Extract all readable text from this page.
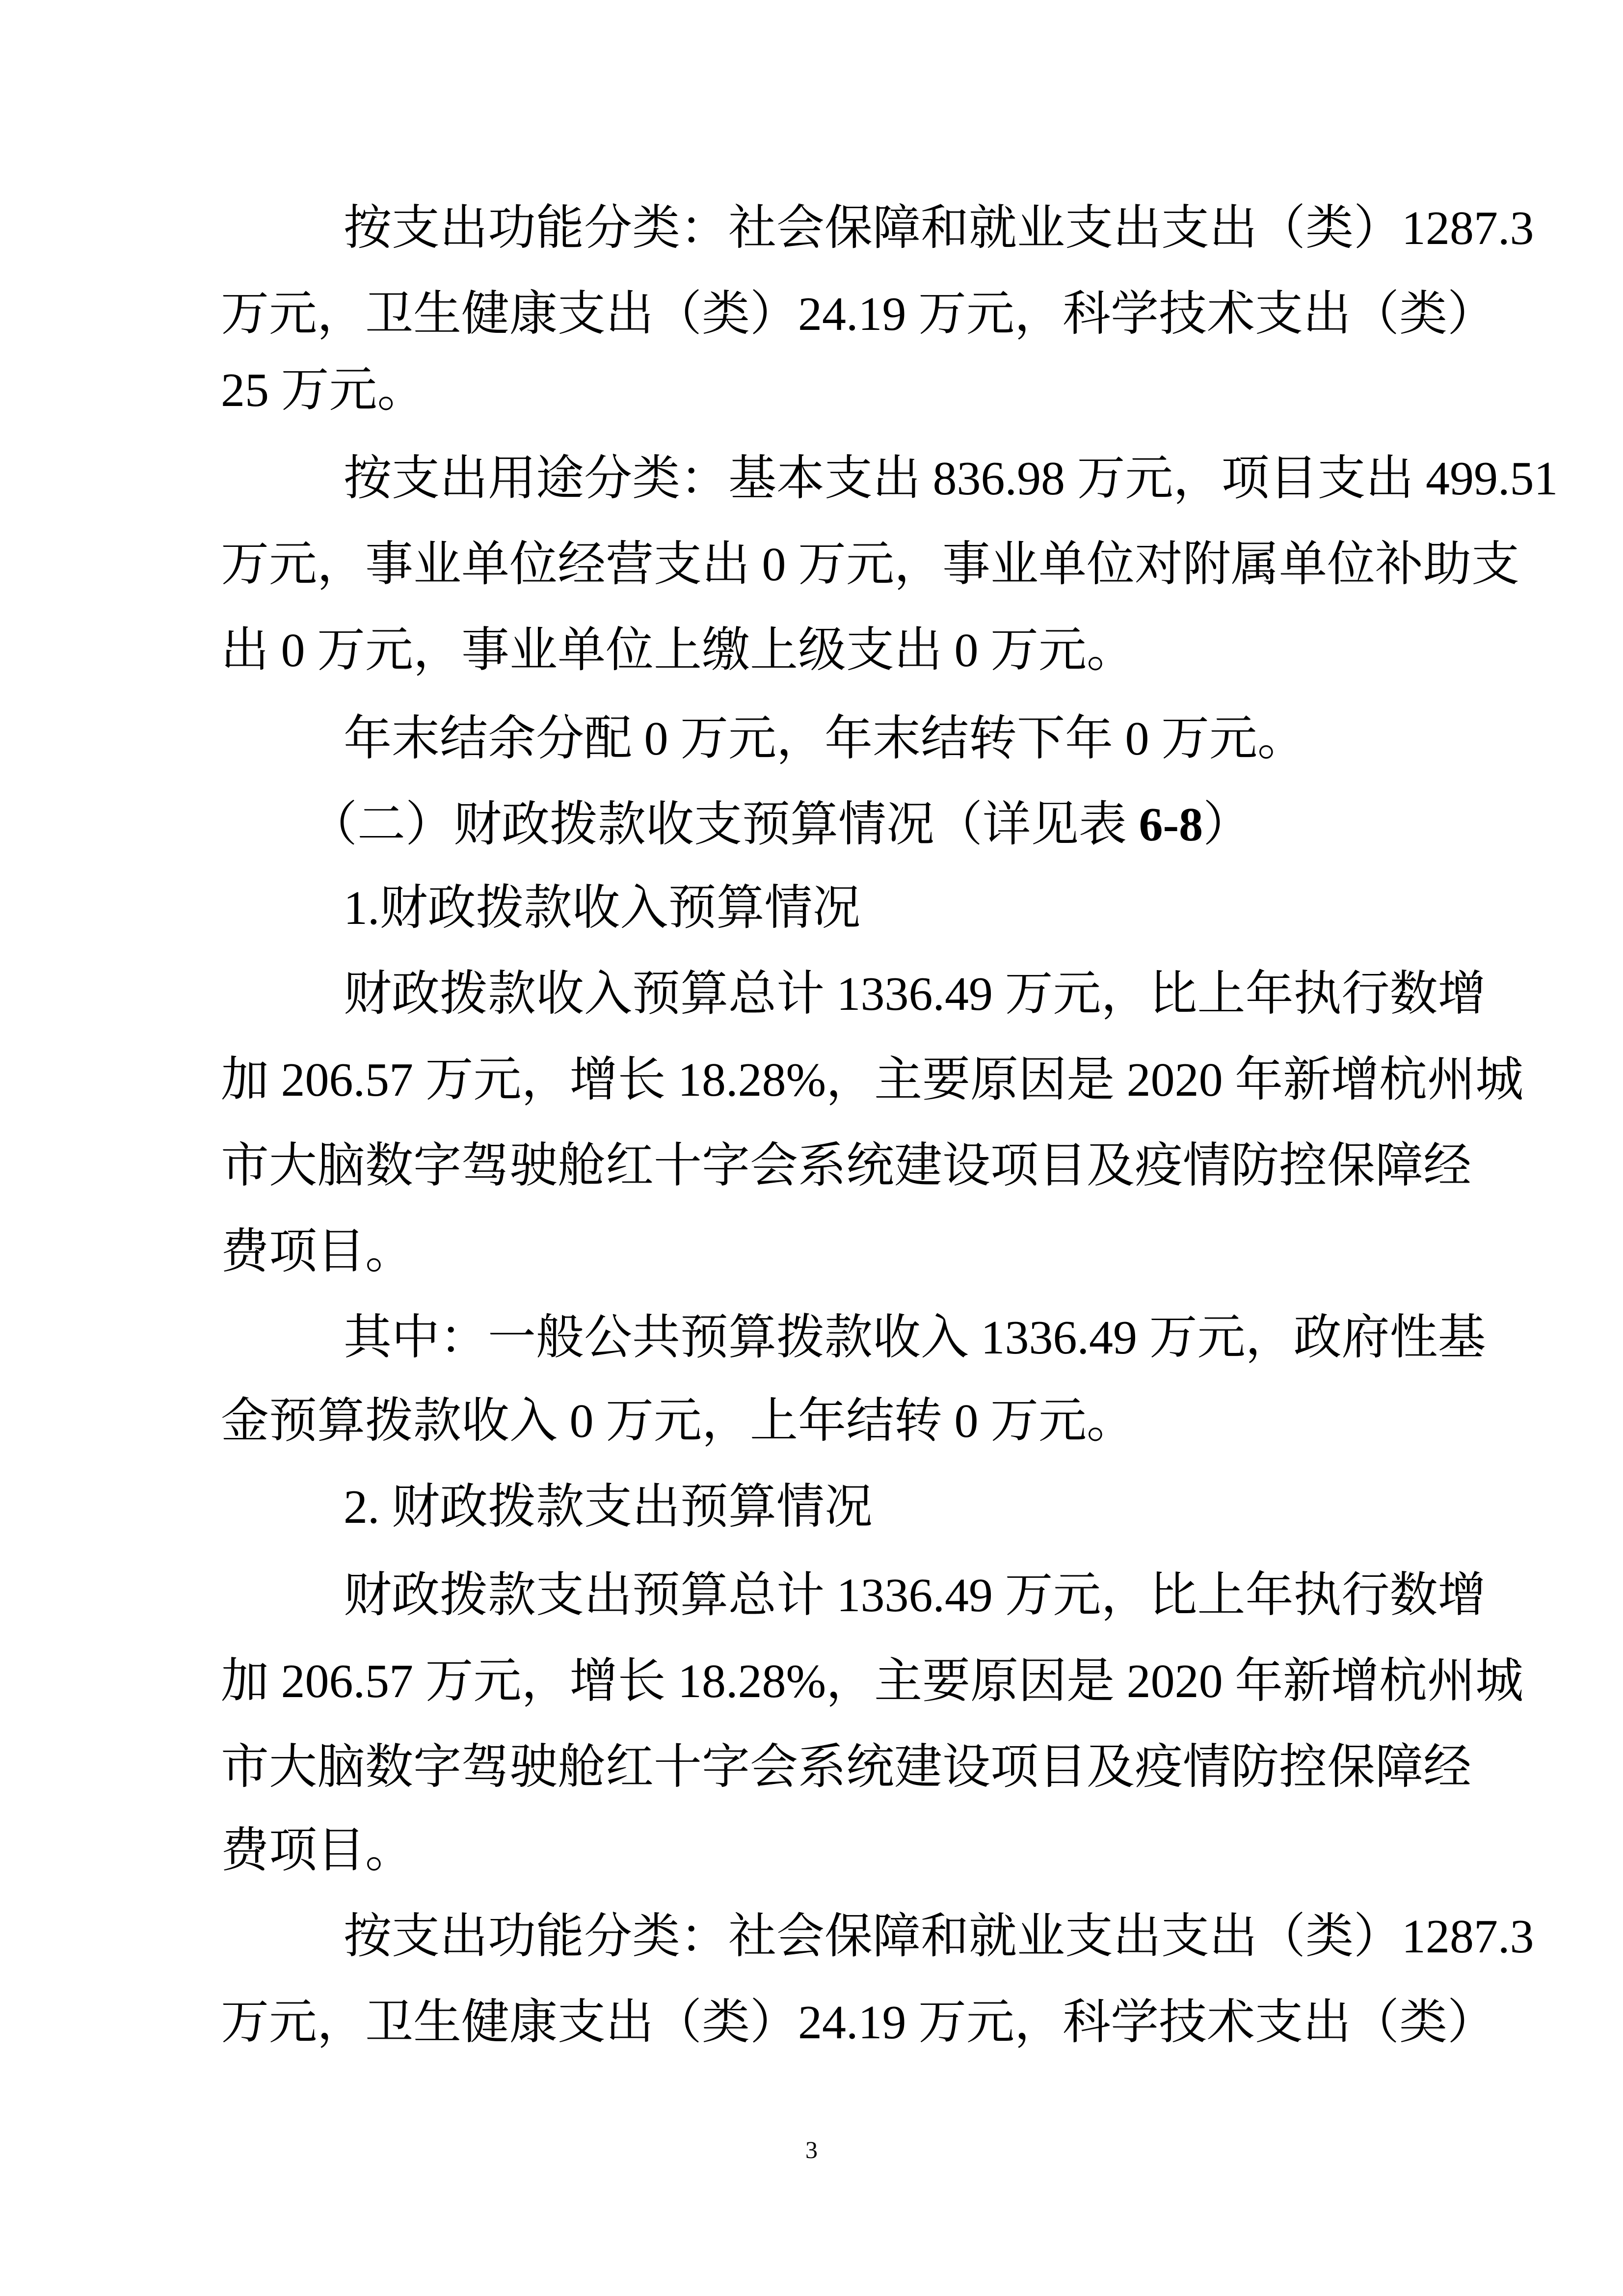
按支出功能分类：社会保障和就业支出支出（类）1287.3
万元，卫生健康支出（类）24.19 万元，科学技术支出（类）
25 万元。
按支出用途分类：基本支出 836.98 万元，项目支出 499.51
万元，事业单位经营支出 0 万元，事业单位对附属单位补助支
出 0 万元，事业单位上缴上级支出 0 万元。
年末结余分配 0 万元，年末结转下年 0 万元。
（二）财政拨款收支预算情况（详见表 6-8）
1.财政拨款收入预算情况
财政拨款收入预算总计 1336.49 万元，比上年执行数增
加 206.57 万元，增长 18.28%，主要原因是 2020 年新增杭州城
市大脑数字驾驶舱红十字会系统建设项目及疫情防控保障经
费项目。
其中：一般公共预算拨款收入 1336.49 万元，政府性基
金预算拨款收入 0 万元，上年结转 0 万元。
2. 财政拨款支出预算情况
财政拨款支出预算总计 1336.49 万元，比上年执行数增
加 206.57 万元，增长 18.28%，主要原因是 2020 年新增杭州城
市大脑数字驾驶舱红十字会系统建设项目及疫情防控保障经
费项目。
按支出功能分类：社会保障和就业支出支出（类）1287.3
万元，卫生健康支出（类）24.19 万元，科学技术支出（类）
3
